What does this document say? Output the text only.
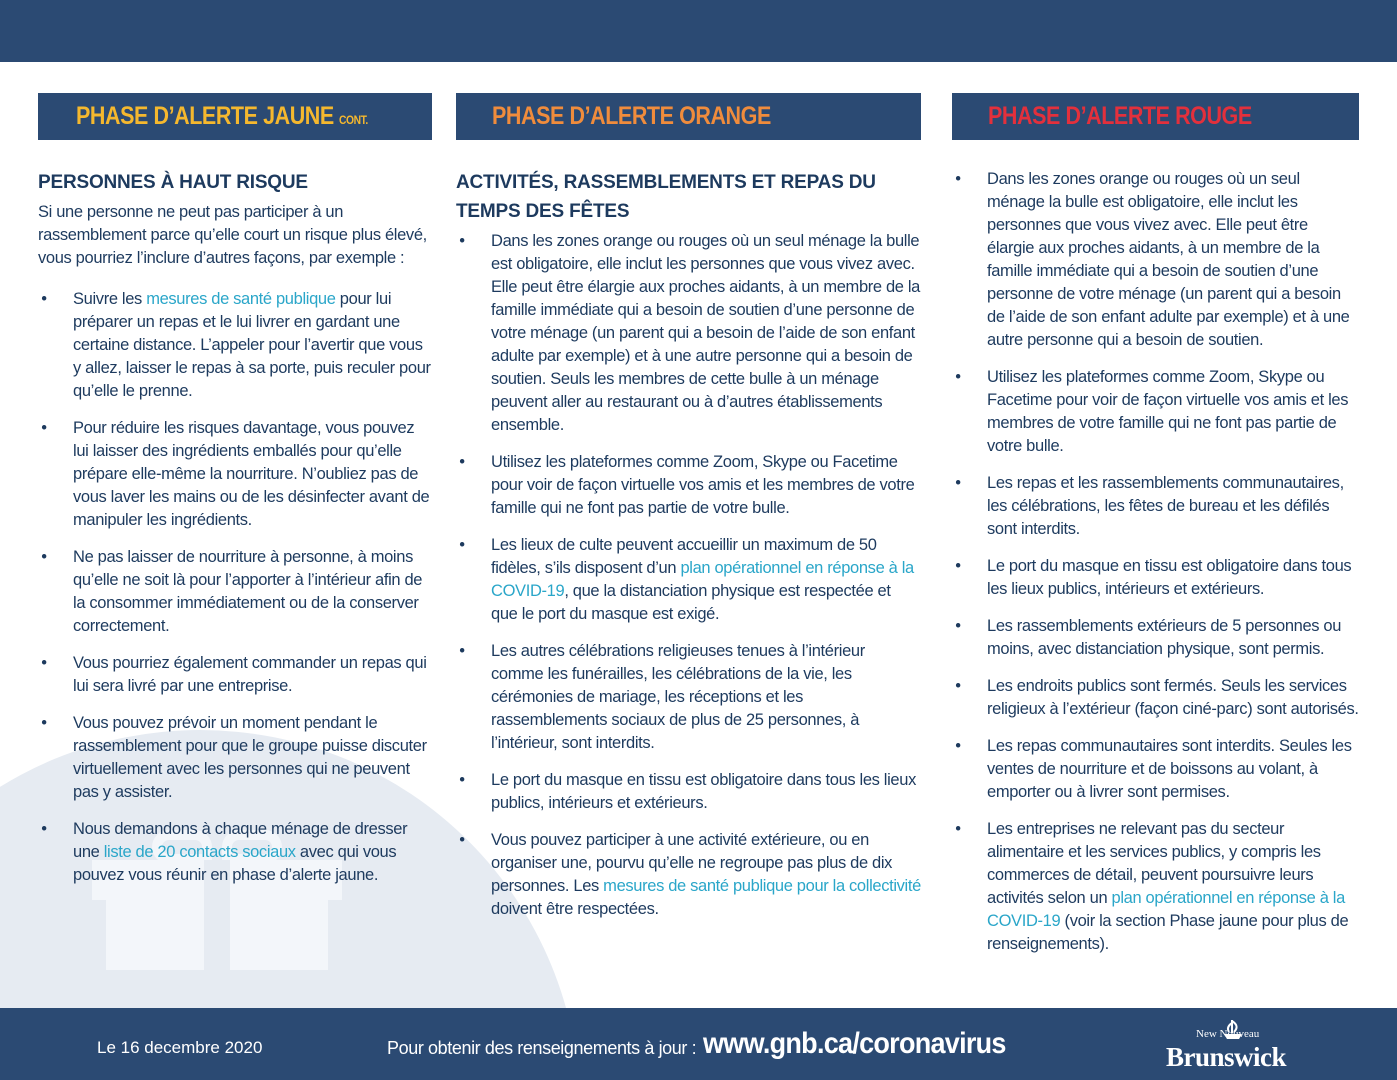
PHASE D’ALERTE JAUNE CONT.
PERSONNES À HAUT RISQUE

Si une personne ne peut pas participer à un rassemblement parce qu’elle court un risque plus élevé, vous pourriez l’inclure d’autres façons, par exemple :

• Suivre les mesures de santé publique pour lui préparer un repas et le lui livrer en gardant une certaine distance. L’appeler pour l’avertir que vous y allez, laisser le repas à sa porte, puis reculer pour qu’elle le prenne.
• Pour réduire les risques davantage, vous pouvez lui laisser des ingrédients emballés pour qu’elle prépare elle-même la nourriture. N’oubliez pas de vous laver les mains ou de les désinfecter avant de manipuler les ingrédients.
• Ne pas laisser de nourriture à personne, à moins qu’elle ne soit là pour l’apporter à l’intérieur afin de la consommer immédiatement ou de la conserver correctement.
• Vous pourriez également commander un repas qui lui sera livré par une entreprise.
• Vous pouvez prévoir un moment pendant le rassemblement pour que le groupe puisse discuter virtuellement avec les personnes qui ne peuvent pas y assister.
• Nous demandons à chaque ménage de dresser une liste de 20 contacts sociaux avec qui vous pouvez vous réunir en phase d’alerte jaune.
PHASE D’ALERTE ORANGE
ACTIVITÉS, RASSEMBLEMENTS ET REPAS DU TEMPS DES FÊTES
• Dans les zones orange ou rouges où un seul ménage la bulle est obligatoire, elle inclut les personnes que vous vivez avec. Elle peut être élargie aux proches aidants, à un membre de la famille immédiate qui a besoin de soutien d’une personne de votre ménage (un parent qui a besoin de l’aide de son enfant adulte par exemple) et à une autre personne qui a besoin de soutien. Seuls les membres de cette bulle à un ménage peuvent aller au restaurant ou à d’autres établissements ensemble.
• Utilisez les plateformes comme Zoom, Skype ou Facetime pour voir de façon virtuelle vos amis et les membres de votre famille qui ne font pas partie de votre bulle.
• Les lieux de culte peuvent accueillir un maximum de 50 fidèles, s’ils disposent d’un plan opérationnel en réponse à la COVID-19, que la distanciation physique est respectée et que le port du masque est exigé.
• Les autres célébrations religieuses tenues à l’intérieur comme les funérailles, les célébrations de la vie, les cérémonies de mariage, les réceptions et les rassemblements sociaux de plus de 25 personnes, à l’intérieur, sont interdits.
• Le port du masque en tissu est obligatoire dans tous les lieux publics, intérieurs et extérieurs.
• Vous pouvez participer à une activité extérieure, ou en organiser une, pourvu qu’elle ne regroupe pas plus de dix personnes. Les mesures de santé publique pour la collectivité doivent être respectées.
PHASE D’ALERTE ROUGE
• Dans les zones orange ou rouges où un seul ménage la bulle est obligatoire, elle inclut les personnes que vous vivez avec. Elle peut être élargie aux proches aidants, à un membre de la famille immédiate qui a besoin de soutien d’une personne de votre ménage (un parent qui a besoin de l’aide de son enfant adulte par exemple) et à une autre personne qui a besoin de soutien.
• Utilisez les plateformes comme Zoom, Skype ou Facetime pour voir de façon virtuelle vos amis et les membres de votre famille qui ne font pas partie de votre bulle.
• Les repas et les rassemblements communautaires, les célébrations, les fêtes de bureau et les défilés sont interdits.
• Le port du masque en tissu est obligatoire dans tous les lieux publics, intérieurs et extérieurs.
• Les rassemblements extérieurs de 5 personnes ou moins, avec distanciation physique, sont permis.
• Les endroits publics sont fermés. Seuls les services religieux à l’extérieur (façon ciné-parc) sont autorisés.
• Les repas communautaires sont interdits. Seules les ventes de nourriture et de boissons au volant, à emporter ou à livrer sont permises.
• Les entreprises ne relevant pas du secteur alimentaire et les services publics, y compris les commerces de détail, peuvent poursuivre leurs activités selon un plan opérationnel en réponse à la COVID-19 (voir la section Phase jaune pour plus de renseignements).
Le 16 decembre 2020	Pour obtenir des renseignements à jour : www.gnb.ca/coronavirus	New Nouveau
Brunswick
